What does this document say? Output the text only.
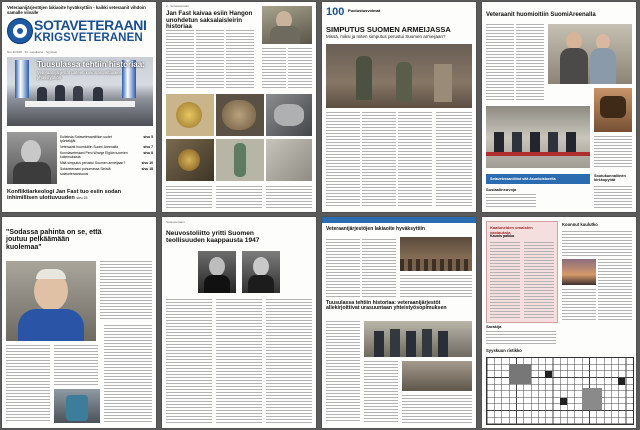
Veteraanijärjestöjen lakiaoite hyväksyttiin - kaikki veteraanit vihdoin samalle viivalle
SOTAVETERAANI
KRIGSVETERANEN
Nro 9/2018 · 33. vuosikerta · Syyskuu
Tuusulassa tehtiin historiaa:
Veteraanijärjestöt uuteen kokonaisvaltaiseen yhteistyöhön
Eulleksia Sotaveteraaniliiton uudet työntekijät
sivu 5
Veteraanit huomioitiin Suomi Areenalla	sivu 7
Kunniaveteraani Pero Wranje Elgiän tuomien kokemuksista
sivu 8
Mitä simputus perustui Suomen armeijaan?	sivu 10
Sotaveteraani puhumassa Sinistä sotaveteraanivuosi
sivu 18
Konfliktiarkeologi Jan Fast tuo esiin sodan inhimillisen ulottuvuuden sivu 15
2 · Sotaveteraani
Jan Fast kaivaa esiin Hangon unohdetun saksalaisleirin historiaa
100 Puolustusvoimat
SIMPUTUS SUOMEN ARMEIJASSA
Missä, miksi ja miten simputus perustui Suomen armeijaan?
Veteraanit huomioitiin SuomiAreenalla
Sotaveteraaniliitot sitä Asuntoistoreita
Sosiaalineuvoja
Soutukunnallinen kirkkopyhät
"Sodassa pahinta on se, että joutuu pelkäämään kuolemaa"
Sotaveteraani
Neuvostoliitto yritti Suomen teollisuuden kaappausta 1947
Veteraanijärjestöjen lakiaoite hyväksyttiin
Tuusulassa tehtiin historiaa: veteraanijärjestöt allekirjoittivat urasuuntaan yhteistyösopimuksen
Kaatuneiden omaisten vastauksia
Kaunis palkka
Koonnut kuulutko
Sarakija
Syyskuun ristikko
